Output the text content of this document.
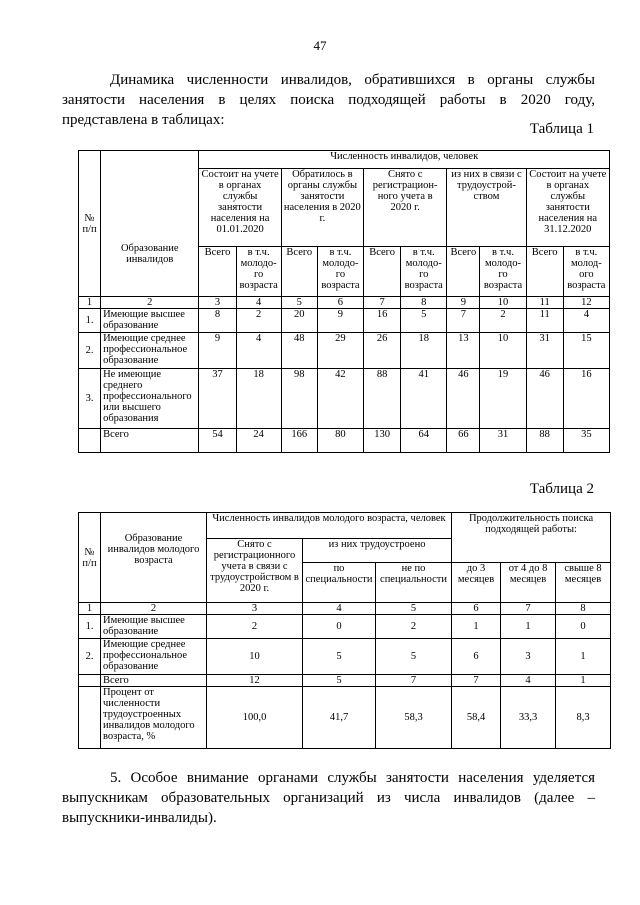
47
Динамика численности инвалидов, обратившихся в органы службы
занятости населения в целях поиска подходящей работы в 2020 году,
представлена в таблицах:
Таблица 1
№ п/п	Образование инвалидов	Численность инвалидов, человек									
		Состоит на учете в органах службы занятости населения на 01.01.2020		Обратилось в органы службы занятости населения в 2020 г.		Снято с регистрацион-ного учета в 2020 г.		из них в связи с трудоустрой-ством		Состоит на учете в органах службы занятости населения на 31.12.2020	
		Всего	в т.ч. молодо-го возраста	Всего	в т.ч. молодо-го возраста	Всего	в т.ч. молодо-го возраста	Всего	в т.ч. молодо-го возраста	Всего	в т.ч. молод-ого возраста
1	2	3	4	5	6	7	8	9	10	11	12
1.	Имеющие высшее образование	8	2	20	9	16	5	7	2	11	4
2.	Имеющие среднее профессиональное образование	9	4	48	29	26	18	13	10	31	15
3.	Не имеющие среднего профессионального или высшего образования	37	18	98	42	88	41	46	19	46	16
	Всего	54	24	166	80	130	64	66	31	88	35
Таблица 2
№ п/п	Образование инвалидов молодого возраста	Численность инвалидов молодого возраста, человек			Продолжительность поиска подходящей работы:		
		Снято с регистрационного учета в связи с трудоустройством в 2020 г.	из них трудоустроено				
			по специальности	не по специальности	до 3 месяцев	от 4 до 8 месяцев	свыше 8 месяцев
1	2	3	4	5	6	7	8
1.	Имеющие высшее образование	2	0	2	1	1	0
2.	Имеющие среднее профессиональное образование	10	5	5	6	3	1
	Всего	12	5	7	7	4	1
	Процент от численности трудоустроенных инвалидов молодого возраста, %	100,0	41,7	58,3	58,4	33,3	8,3
5. Особое внимание органами службы занятости населения уделяется
выпускникам образовательных организаций из числа инвалидов (далее –
выпускники-инвалиды).
